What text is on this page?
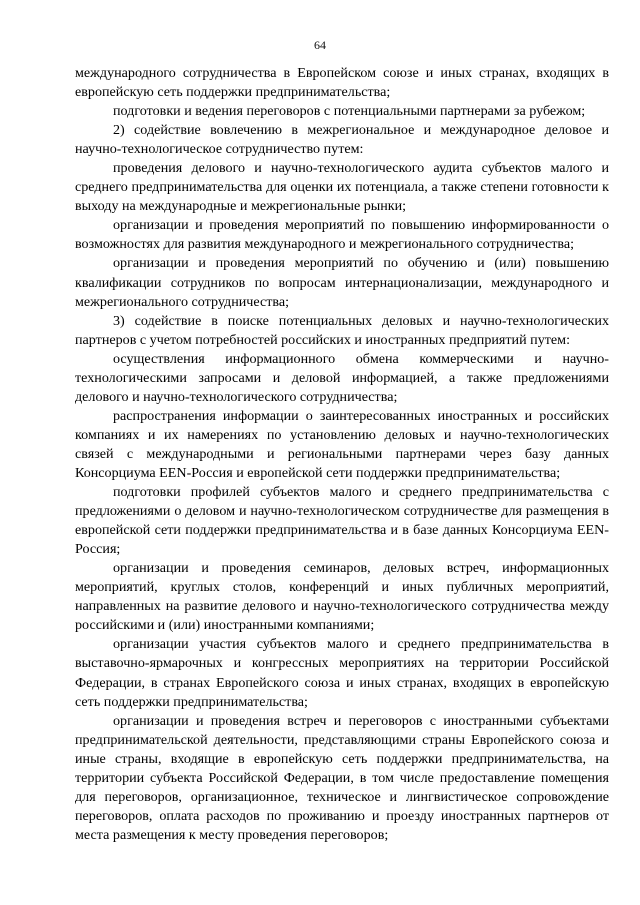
64

международного сотрудничества в Европейском союзе и иных странах, входящих в европейскую сеть поддержки предпринимательства;

подготовки и ведения переговоров с потенциальными партнерами за рубежом;

2) содействие вовлечению в межрегиональное и международное деловое и научно-технологическое сотрудничество путем:

проведения делового и научно-технологического аудита субъектов малого и среднего предпринимательства для оценки их потенциала, а также степени готовности к выходу на международные и межрегиональные рынки;

организации и проведения мероприятий по повышению информированности о возможностях для развития международного и межрегионального сотрудничества;

организации и проведения мероприятий по обучению и (или) повышению квалификации сотрудников по вопросам интернационализации, международного и межрегионального сотрудничества;

3) содействие в поиске потенциальных деловых и научно-технологических партнеров с учетом потребностей российских и иностранных предприятий путем:

осуществления информационного обмена коммерческими и научно-технологическими запросами и деловой информацией, а также предложениями делового и научно-технологического сотрудничества;

распространения информации о заинтересованных иностранных и российских компаниях и их намерениях по установлению деловых и научно-технологических связей с международными и региональными партнерами через базу данных Консорциума EEN-Россия и европейской сети поддержки предпринимательства;

подготовки профилей субъектов малого и среднего предпринимательства с предложениями о деловом и научно-технологическом сотрудничестве для размещения в европейской сети поддержки предпринимательства и в базе данных Консорциума EEN-Россия;

организации и проведения семинаров, деловых встреч, информационных мероприятий, круглых столов, конференций и иных публичных мероприятий, направленных на развитие делового и научно-технологического сотрудничества между российскими и (или) иностранными компаниями;

организации участия субъектов малого и среднего предпринимательства в выставочно-ярмарочных и конгрессных мероприятиях на территории Российской Федерации, в странах Европейского союза и иных странах, входящих в европейскую сеть поддержки предпринимательства;

организации и проведения встреч и переговоров с иностранными субъектами предпринимательской деятельности, представляющими страны Европейского союза и иные страны, входящие в европейскую сеть поддержки предпринимательства, на территории субъекта Российской Федерации, в том числе предоставление помещения для переговоров, организационное, техническое и лингвистическое сопровождение переговоров, оплата расходов по проживанию и проезду иностранных партнеров от места размещения к месту проведения переговоров;
